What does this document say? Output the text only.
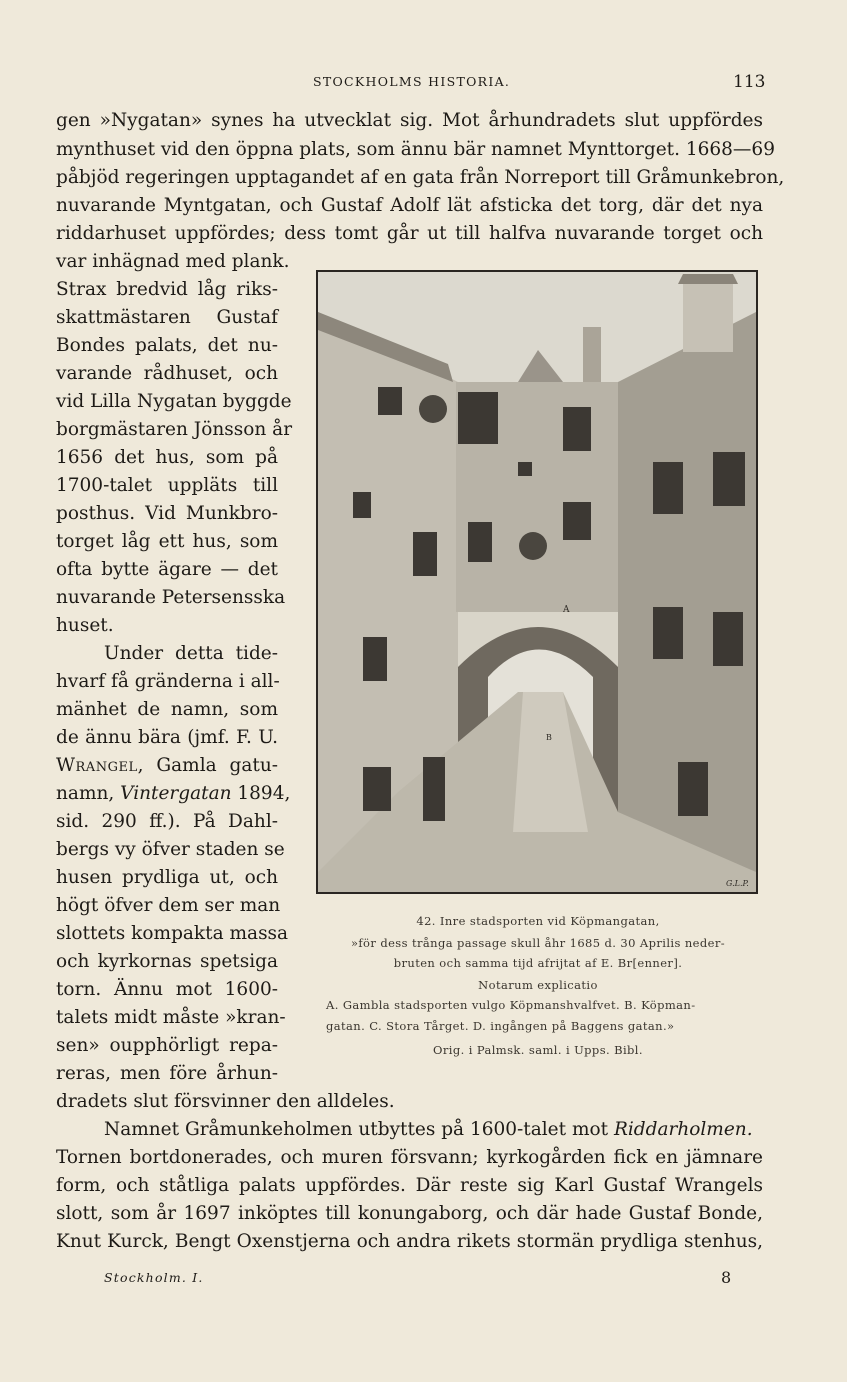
STOCKHOLMS HISTORIA.	113
gen »Nygatan» synes ha utvecklat sig. Mot århundradets slut uppfördes
mynthuset vid den öppna plats, som ännu bär namnet Mynttorget. 1668—69
påbjöd regeringen upptagandet af en gata från Norreport till Gråmunkebron,
nuvarande Myntgatan, och Gustaf Adolf lät afsticka det torg, där det nya
riddarhuset uppfördes; dess tomt går ut till halfva nuvarande torget och
var inhägnad med plank.
Strax bredvid låg riks-
skattmästaren Gustaf
Bondes palats, det nu-
varande rådhuset, och
vid Lilla Nygatan byggde
borgmästaren Jönsson år
1656 det hus, som på
1700-talet uppläts till
posthus. Vid Munkbro-
torget låg ett hus, som
ofta bytte ägare — det
nuvarande Petersensska
huset.
Under detta tide-
hvarf få gränderna i all-
mänhet de namn, som
de ännu bära (jmf. F. U.
Wrangel, Gamla gatu-
namn, Vintergatan 1894,
sid. 290 ff.). På Dahl-
bergs vy öfver staden se
husen prydliga ut, och
högt öfver dem ser man
slottets kompakta massa
och kyrkornas spetsiga
torn. Ännu mot 1600-
talets midt måste »kran-
sen» oupphörligt repa-
reras, men före århun-
dradets slut försvinner den alldeles.
Namnet Gråmunkeholmen utbyttes på 1600-talet mot Riddarholmen.
Tornen bortdonerades, och muren försvann; kyrkogården fick en jämnare
form, och ståtliga palats uppfördes. Där reste sig Karl Gustaf Wrangels
slott, som år 1697 inköptes till konungaborg, och där hade Gustaf Bonde,
Knut Kurck, Bengt Oxenstjerna och andra rikets stormän prydliga stenhus,
A
B
G.L.P.
42. Inre stadsporten vid Köpmangatan,
»för dess trånga passage skull åhr 1685 d. 30 Aprilis neder-
bruten och samma tijd afrijtat af E. Br[enner].
Notarum explicatio
A. Gambla stadsporten vulgo Köpmanshvalfvet. B. Köpman-
gatan. C. Stora Tårget. D. ingången på Baggens gatan.»
Orig. i Palmsk. saml. i Upps. Bibl.
Stockholm. I.	8
